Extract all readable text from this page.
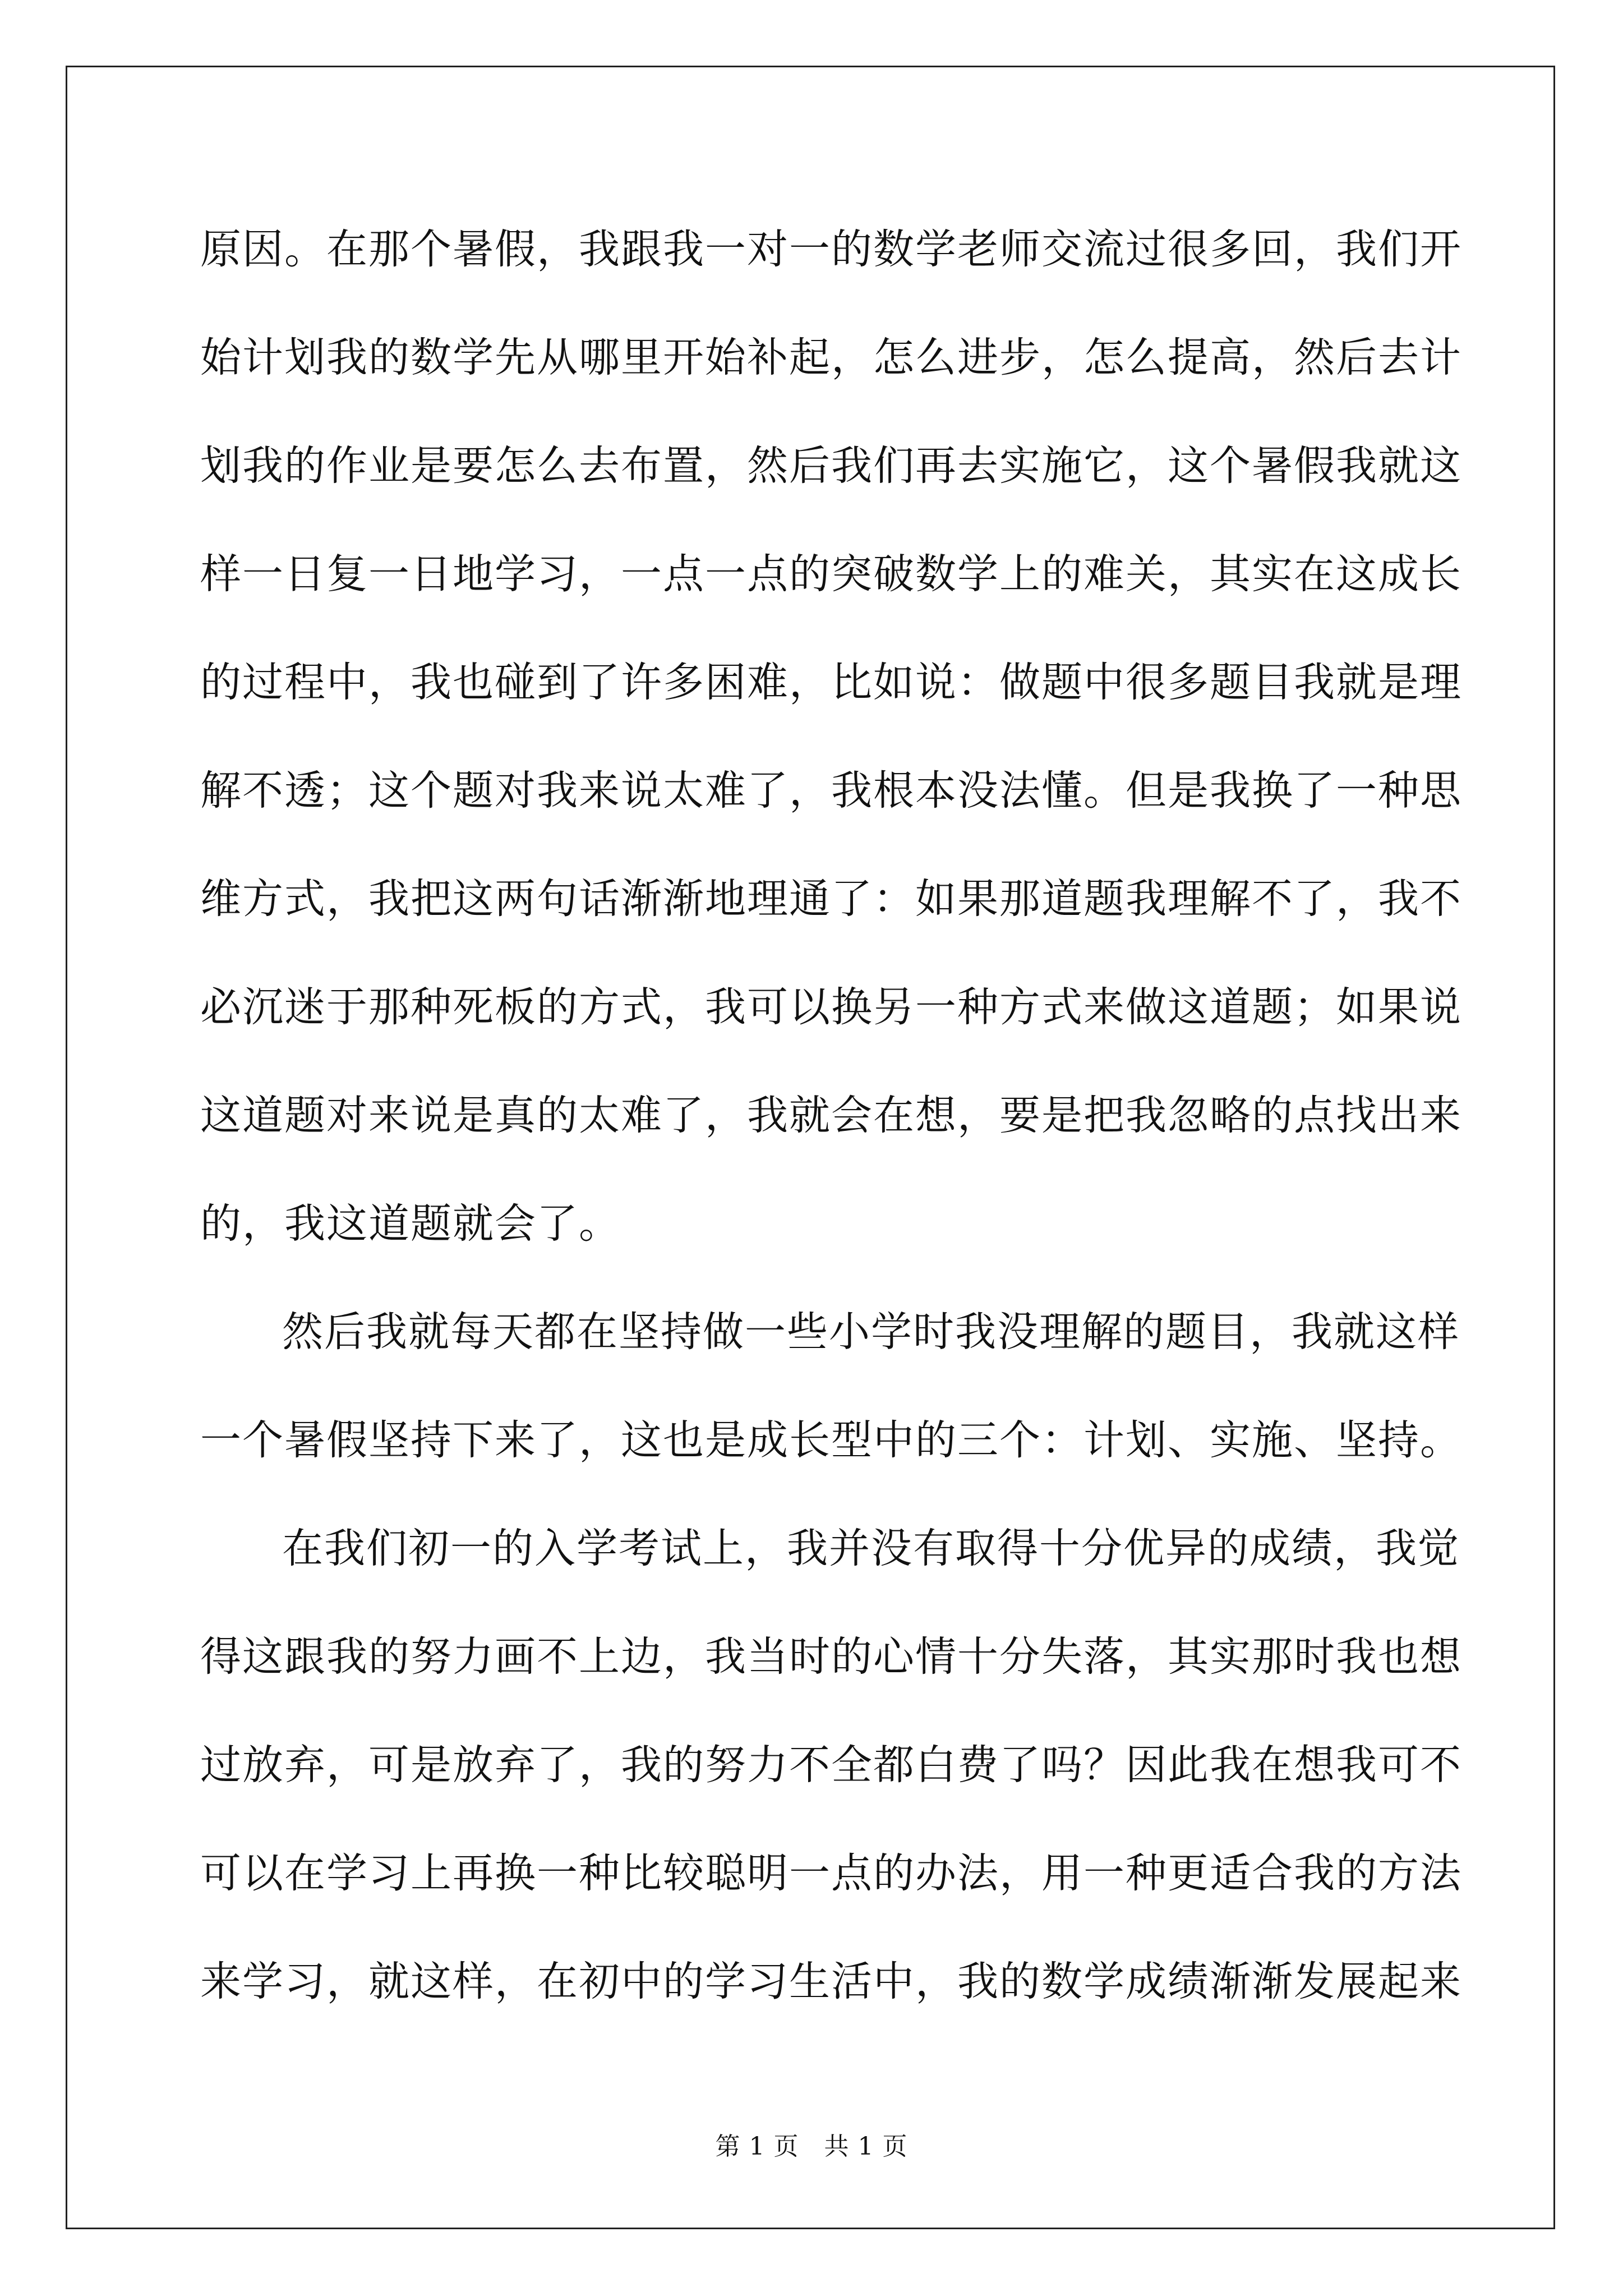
原因。在那个暑假，我跟我一对一的数学老师交流过很多回，我们开
始计划我的数学先从哪里开始补起，怎么进步，怎么提高，然后去计
划我的作业是要怎么去布置，然后我们再去实施它，这个暑假我就这
样一日复一日地学习，一点一点的突破数学上的难关，其实在这成长
的过程中，我也碰到了许多困难，比如说：做题中很多题目我就是理
解不透；这个题对我来说太难了，我根本没法懂。但是我换了一种思
维方式，我把这两句话渐渐地理通了：如果那道题我理解不了，我不
必沉迷于那种死板的方式，我可以换另一种方式来做这道题；如果说
这道题对来说是真的太难了，我就会在想，要是把我忽略的点找出来
的，我这道题就会了。
然后我就每天都在坚持做一些小学时我没理解的题目，我就这样
一个暑假坚持下来了，这也是成长型中的三个：计划、实施、坚持。
在我们初一的入学考试上，我并没有取得十分优异的成绩，我觉
得这跟我的努力画不上边，我当时的心情十分失落，其实那时我也想
过放弃，可是放弃了，我的努力不全都白费了吗？因此我在想我可不
可以在学习上再换一种比较聪明一点的办法，用一种更适合我的方法
来学习，就这样，在初中的学习生活中，我的数学成绩渐渐发展起来
第 1 页　共 1 页
